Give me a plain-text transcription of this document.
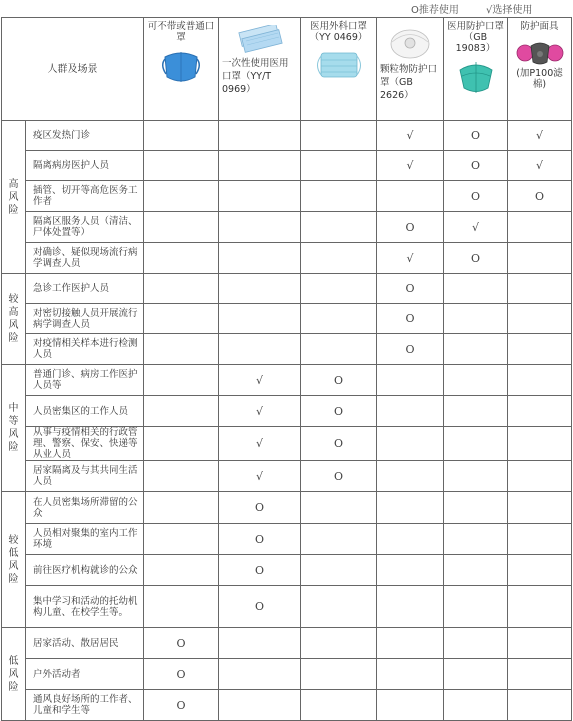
O推荐使用	√选择使用
人群及场景		可不带或普通口罩	一次性使用医用口罩（YY/T 0969）	医用外科口罩（YY 0469）	颗粒物防护口罩（GB 2626）	医用防护口罩（GB 19083）	防护面具
(加P100滤棉)

高风险	疫区发热门诊				√	O	√
	隔离病房医护人员				√	O	√
	插管、切开等高危医务工作者					O	O
	隔离区服务人员（清洁、尸体处置等）				O	√	
	对确诊、疑似现场流行病学调查人员				√	O	
较高风险	急诊工作医护人员				O		
	对密切接触人员开展流行病学调查人员				O		
	对疫情相关样本进行检测人员				O		
中等风险	普通门诊、病房工作医护人员等		√	O			
	人员密集区的工作人员		√	O			
	从事与疫情相关的行政管理、警察、保安、快递等从业人员		√	O			
	居家隔离及与其共同生活人员		√	O			
较低风险	在人员密集场所滞留的公众		O				
	人员相对聚集的室内工作环境		O				
	前往医疗机构就诊的公众		O				
	集中学习和活动的托幼机构儿童、在校学生等。		O				
低风险	居家活动、散居居民	O					
	户外活动者	O					
	通风良好场所的工作者、儿童和学生等	O					
